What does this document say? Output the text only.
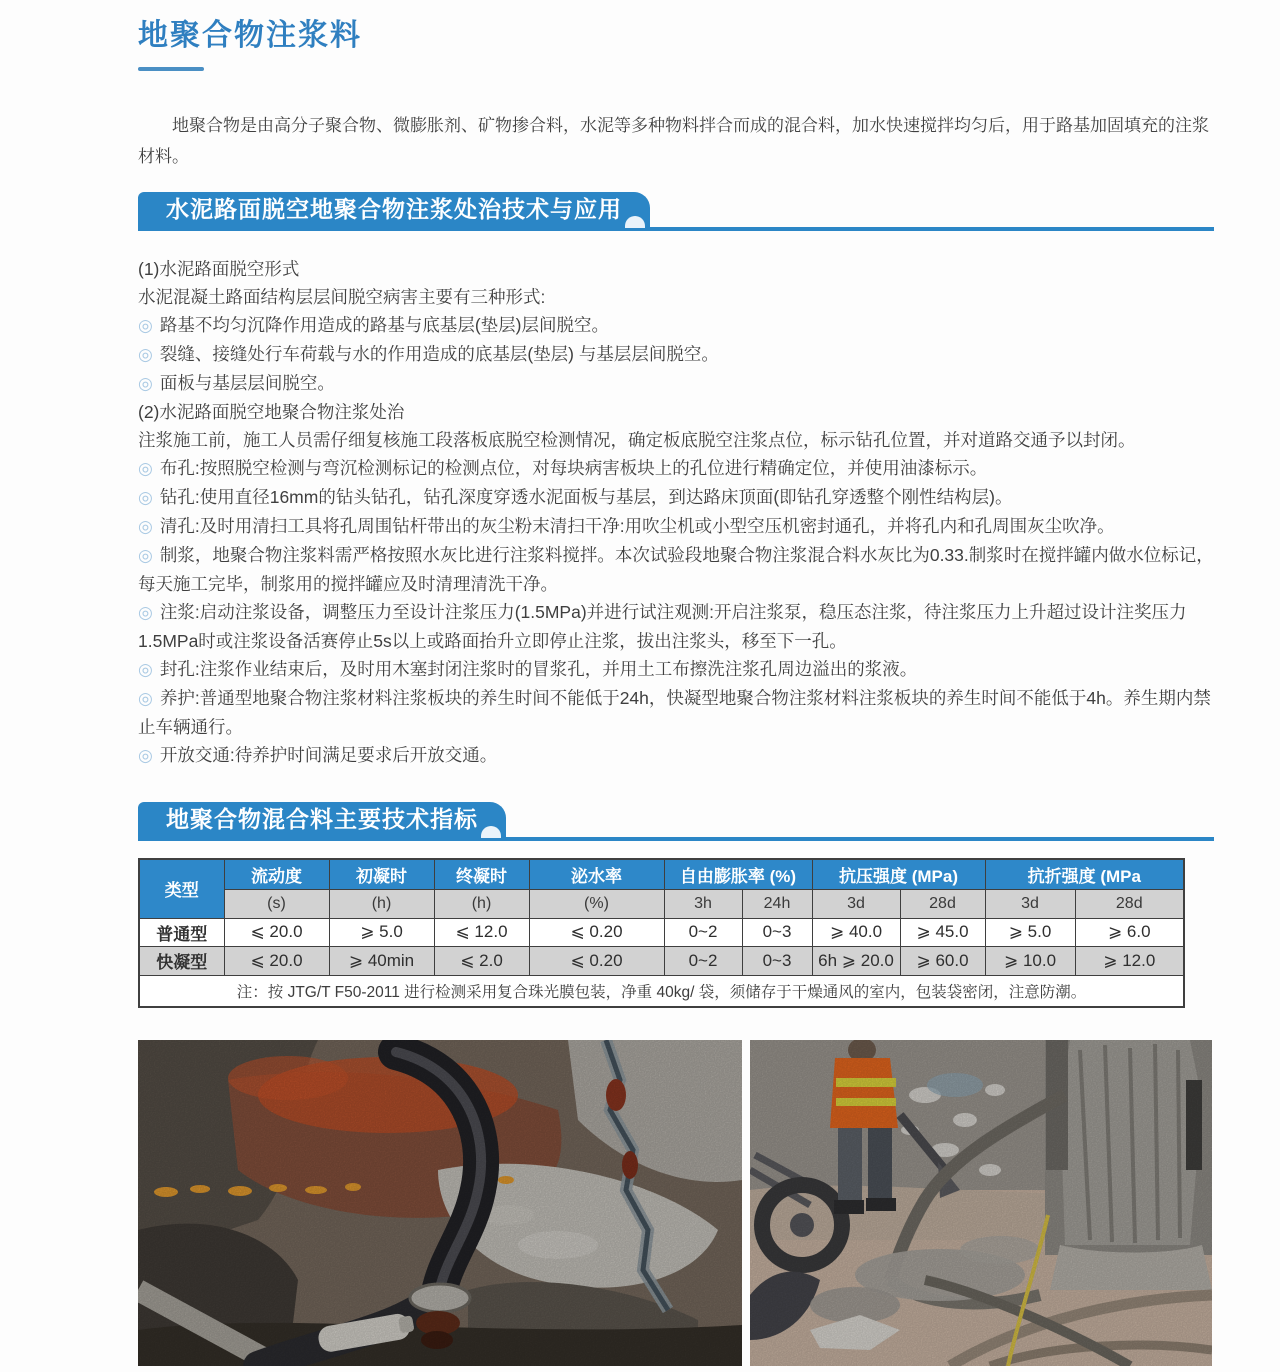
地聚合物注浆料

地聚合物是由高分子聚合物、微膨胀剂、矿物掺合料，水泥等多种物料拌合而成的混合料，加水快速搅拌均匀后，用于路基加固填充的注浆材料。

水泥路面脱空地聚合物注浆处治技术与应用

(1)水泥路面脱空形式

水泥混凝土路面结构层层间脱空病害主要有三种形式:

◎ 路基不均匀沉降作用造成的路基与底基层(垫层)层间脱空。

◎ 裂缝、接缝处行车荷载与水的作用造成的底基层(垫层) 与基层层间脱空。

◎ 面板与基层层间脱空。

(2)水泥路面脱空地聚合物注浆处治

注浆施工前，施工人员需仔细复核施工段落板底脱空检测情况，确定板底脱空注浆点位，标示钻孔位置，并对道路交通予以封闭。

◎ 布孔:按照脱空检测与弯沉检测标记的检测点位，对每块病害板块上的孔位进行精确定位，并使用油漆标示。

◎ 钻孔:使用直径16mm的钻头钻孔，钻孔深度穿透水泥面板与基层，到达路床顶面(即钻孔穿透整个刚性结构层)。

◎ 清孔:及时用清扫工具将孔周围钻杆带出的灰尘粉末清扫干净:用吹尘机或小型空压机密封通孔，并将孔内和孔周围灰尘吹净。

◎ 制浆，地聚合物注浆料需严格按照水灰比进行注浆料搅拌。本次试验段地聚合物注浆混合料水灰比为0.33.制浆时在搅拌罐内做水位标记，每天施工完毕，制浆用的搅拌罐应及时清理清洗干净。

◎ 注浆:启动注浆设备，调整压力至设计注浆压力(1.5MPa)并进行试注观测:开启注浆泵，稳压态注浆，待注浆压力上升超过设计注奖压力1.5MPa时或注浆设备活赛停止5s以上或路面抬升立即停止注浆，拔出注浆头，移至下一孔。

◎ 封孔:注浆作业结束后，及时用木塞封闭注浆时的冒浆孔，并用土工布擦洗注浆孔周边溢出的浆液。

◎ 养护:普通型地聚合物注浆材料注浆板块的养生时间不能低于24h，快凝型地聚合物注浆材料注浆板块的养生时间不能低于4h。养生期内禁止车辆通行。

◎ 开放交通:待养护时间满足要求后开放交通。

地聚合物混合料主要技术指标
类型	流动度	初凝时	终凝时	泌水率	自由膨胀率 (%)		抗压强度 (MPa)		抗折强度 (MPa	
	(s)	(h)	(h)	(%)	3h	24h	3d	28d	3d	28d
普通型	⩽ 20.0	⩾ 5.0	⩽ 12.0	⩽ 0.20	0~2	0~3	⩾ 40.0	⩾ 45.0	⩾ 5.0	⩾ 6.0
快凝型	⩽ 20.0	⩾ 40min	⩽ 2.0	⩽ 0.20	0~2	0~3	6h ⩾ 20.0	⩾ 60.0	⩾ 10.0	⩾ 12.0
注：按 JTG/T F50-2011 进行检测采用复合珠光膜包装，净重 40kg/ 袋，须储存于干燥通风的室内，包装袋密闭，注意防潮。										
